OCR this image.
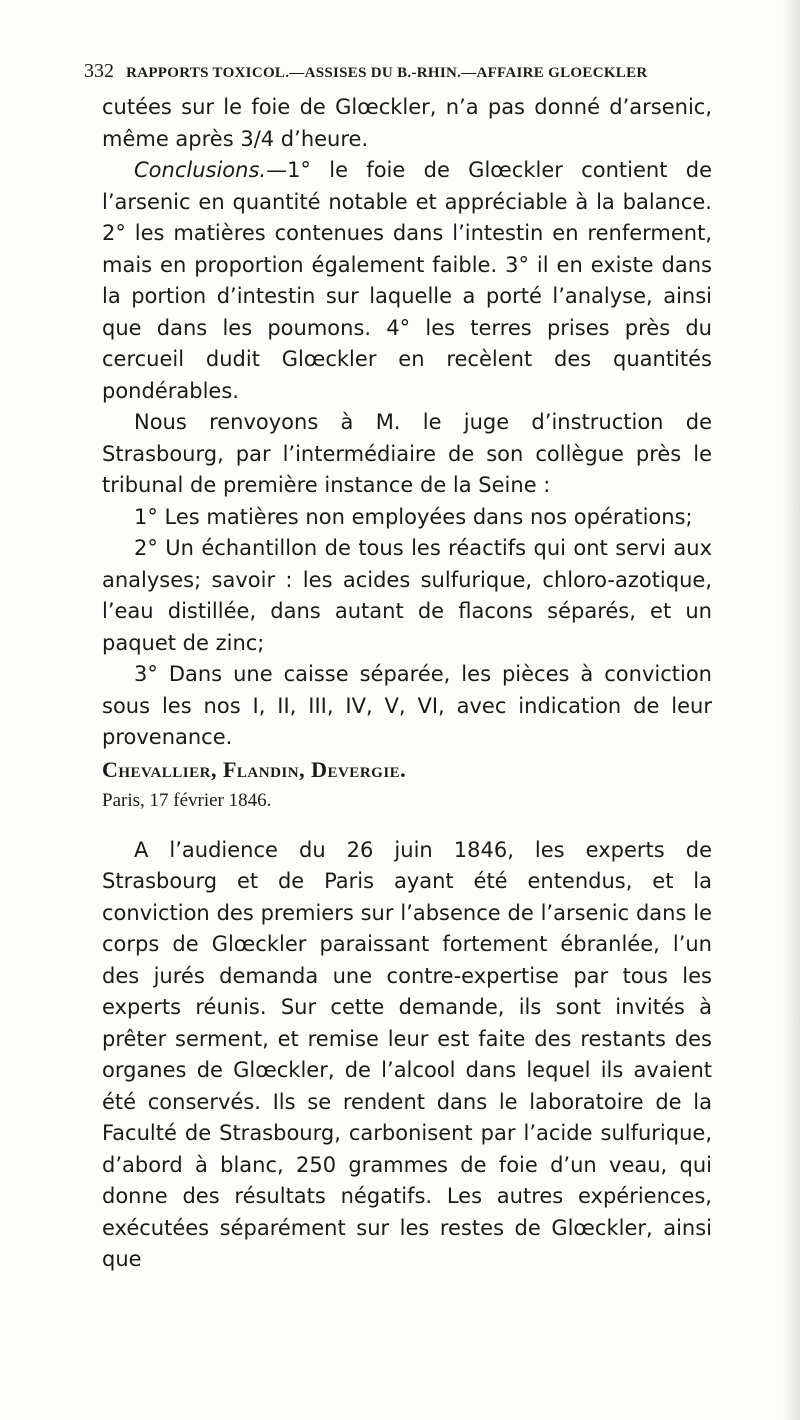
332 RAPPORTS TOXICOL.—ASSISES DU B.-RHIN.—AFFAIRE GLOECKLER

cutées sur le foie de Glœckler, n’a pas donné d’arsenic, même après 3/4 d’heure.

Conclusions.—1° le foie de Glœckler contient de l’arsenic en quantité notable et appréciable à la balance. 2° les matières contenues dans l’intestin en renferment, mais en proportion également faible. 3° il en existe dans la portion d’intestin sur laquelle a porté l’analyse, ainsi que dans les poumons. 4° les terres prises près du cercueil dudit Glœckler en recèlent des quantités pondérables.

Nous renvoyons à M. le juge d’instruction de Strasbourg, par l’intermédiaire de son collègue près le tribunal de première instance de la Seine :

1° Les matières non employées dans nos opérations;

2° Un échantillon de tous les réactifs qui ont servi aux analyses; savoir : les acides sulfurique, chloro-azotique, l’eau distillée, dans autant de flacons séparés, et un paquet de zinc;

3° Dans une caisse séparée, les pièces à conviction sous les nos I, II, III, IV, V, VI, avec indication de leur provenance.

Chevallier, Flandin, Devergie.

Paris, 17 février 1846.

A l’audience du 26 juin 1846, les experts de Strasbourg et de Paris ayant été entendus, et la conviction des premiers sur l’absence de l’arsenic dans le corps de Glœckler paraissant fortement ébranlée, l’un des jurés demanda une contre-expertise par tous les experts réunis. Sur cette demande, ils sont invités à prêter serment, et remise leur est faite des restants des organes de Glœckler, de l’alcool dans lequel ils avaient été conservés. Ils se rendent dans le laboratoire de la Faculté de Strasbourg, carbonisent par l’acide sulfurique, d’abord à blanc, 250 grammes de foie d’un veau, qui donne des résultats négatifs. Les autres expériences, exécutées séparément sur les restes de Glœckler, ainsi que
